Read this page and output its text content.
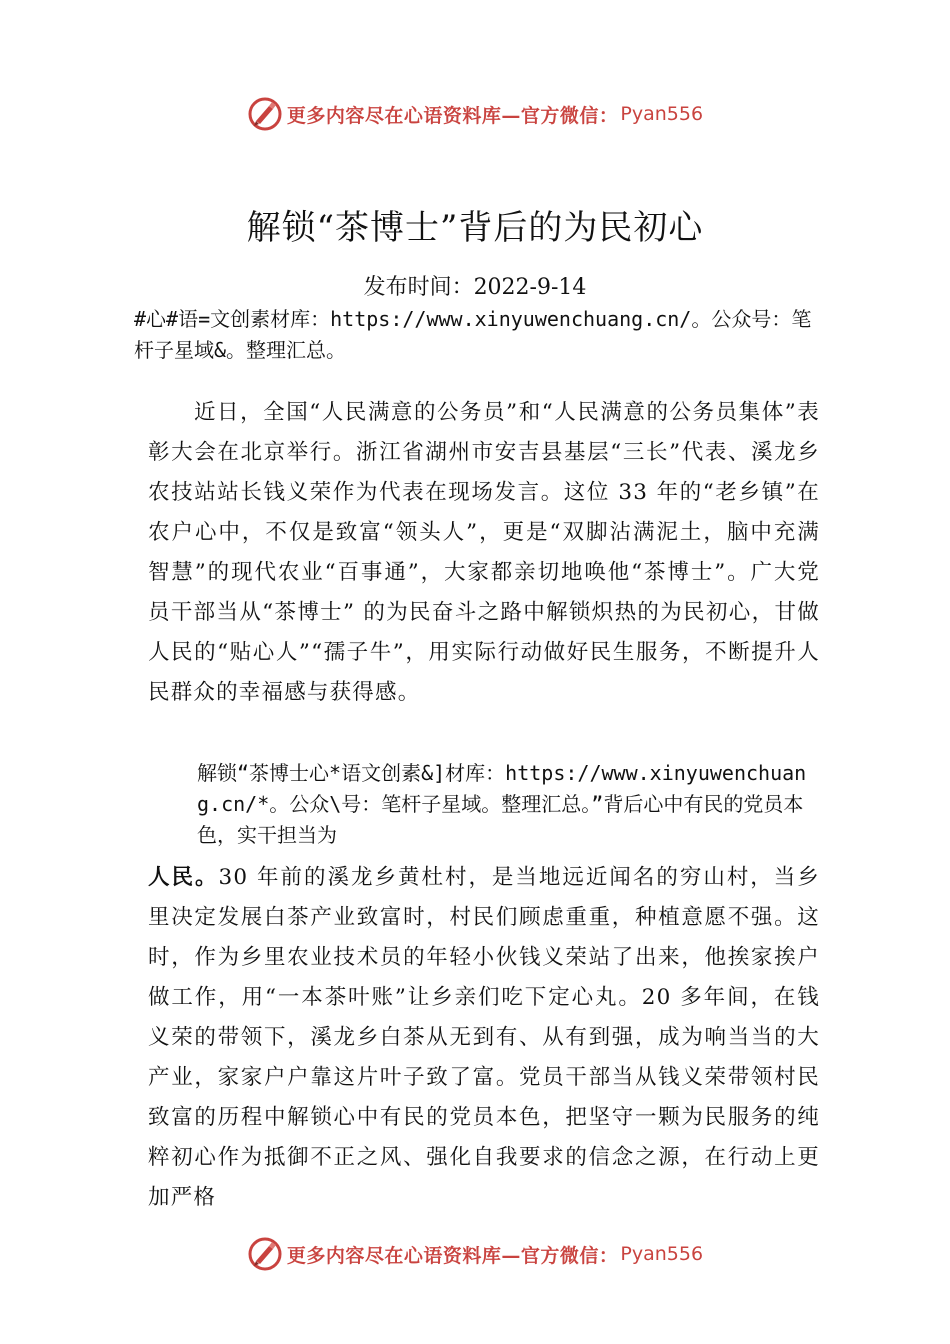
更多内容尽在心语资料库—官方微信： Pyan556
解锁“茶博士”背后的为民初心
发布时间：2022-9-14
#心#语=文创素材库：https://www.xinyuwenchuang.cn/。公众号：笔杆子星域&。整理汇总。
近日，全国“人民满意的公务员”和“人民满意的公务员集体”表彰大会在北京举行。浙江省湖州市安吉县基层“三长”代表、溪龙乡农技站站长钱义荣作为代表在现场发言。这位 33 年的“老乡镇”在农户心中，不仅是致富“领头人”，更是“双脚沾满泥土，脑中充满智慧”的现代农业“百事通”，大家都亲切地唤他“茶博士”。广大党员干部当从“茶博士” 的为民奋斗之路中解锁炽热的为民初心，甘做人民的“贴心人”“孺子牛”，用实际行动做好民生服务，不断提升人民群众的幸福感与获得感。
解锁“茶博士心*语文创素&]材库：https://www.xinyuwenchuang.cn/*。公众\号：笔杆子星域。整理汇总。”背后心中有民的党员本色，实干担当为
人民。30 年前的溪龙乡黄杜村，是当地远近闻名的穷山村，当乡里决定发展白茶产业致富时，村民们顾虑重重，种植意愿不强。这时，作为乡里农业技术员的年轻小伙钱义荣站了出来，他挨家挨户做工作，用“一本茶叶账”让乡亲们吃下定心丸。20 多年间，在钱义荣的带领下，溪龙乡白茶从无到有、从有到强，成为响当当的大产业，家家户户靠这片叶子致了富。党员干部当从钱义荣带领村民致富的历程中解锁心中有民的党员本色，把坚守一颗为民服务的纯粹初心作为抵御不正之风、强化自我要求的信念之源，在行动上更加严格
更多内容尽在心语资料库—官方微信： Pyan556
